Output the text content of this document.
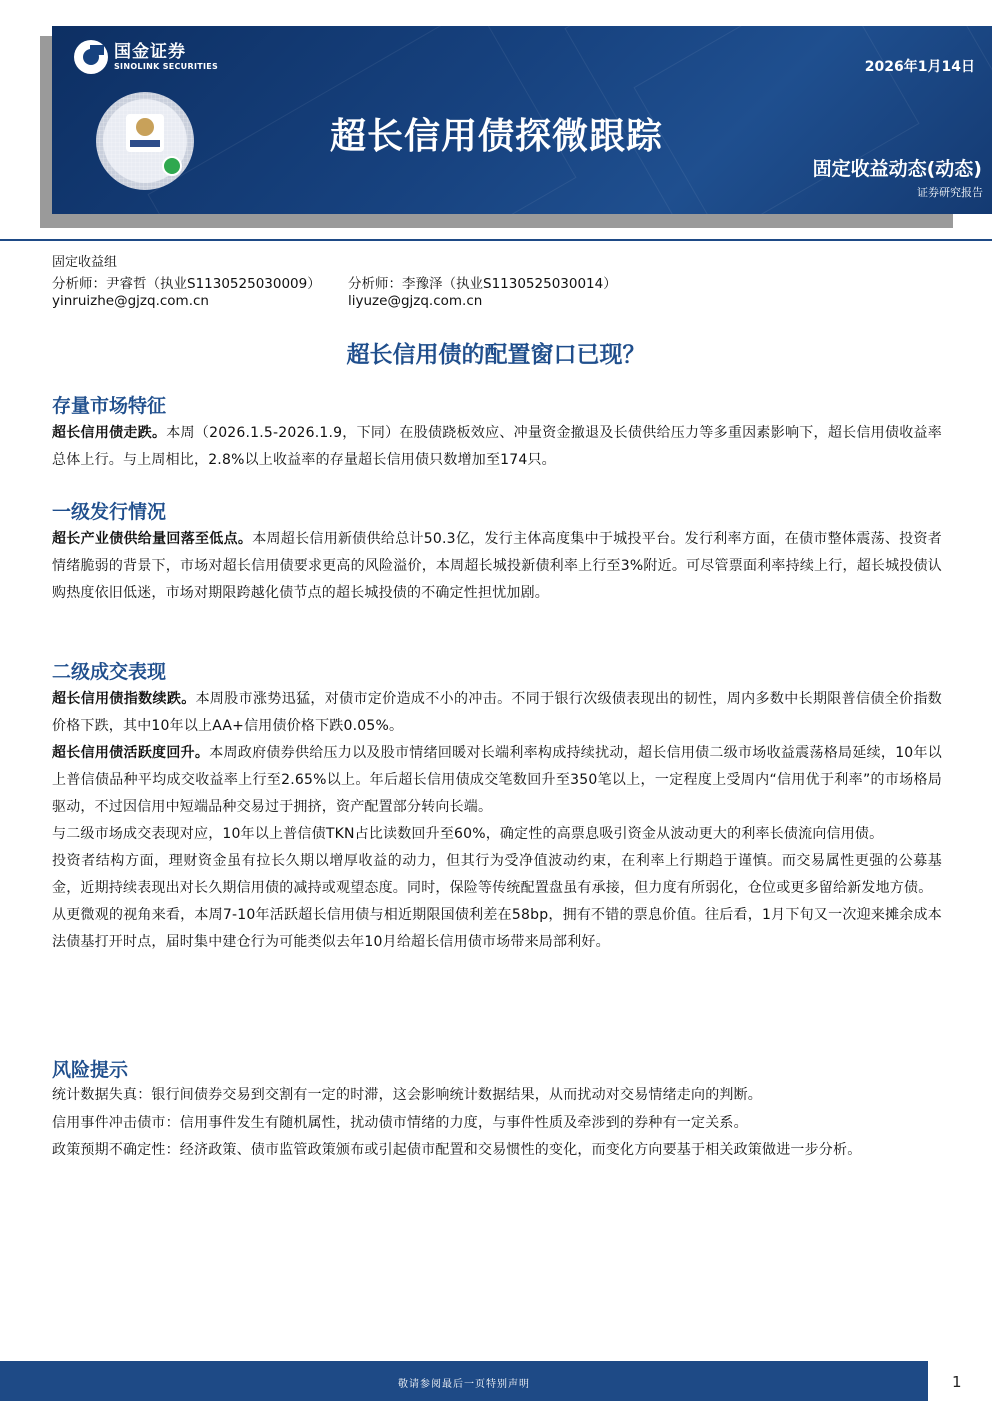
国金证券
SINOLINK SECURITIES
超长信用债探微跟踪
2026年1月14日
固定收益动态(动态)
证券研究报告
固定收益组
分析师：尹睿哲（执业S1130525030009） 分析师：李豫泽（执业S1130525030014）
yinruizhe@gjzq.com.cn	liyuze@gjzq.com.cn
超长信用债的配置窗口已现？
存量市场特征
超长信用债走跌。本周（2026.1.5-2026.1.9，下同）在股债跷板效应、冲量资金撤退及长债供给压力等多重因素影响下，超长信用债收益率总体上行。与上周相比，2.8%以上收益率的存量超长信用债只数增加至174只。
一级发行情况
超长产业债供给量回落至低点。本周超长信用新债供给总计50.3亿，发行主体高度集中于城投平台。发行利率方面，在债市整体震荡、投资者情绪脆弱的背景下，市场对超长信用债要求更高的风险溢价，本周超长城投新债利率上行至3%附近。可尽管票面利率持续上行，超长城投债认购热度依旧低迷，市场对期限跨越化债节点的超长城投债的不确定性担忧加剧。
二级成交表现
超长信用债指数续跌。本周股市涨势迅猛，对债市定价造成不小的冲击。不同于银行次级债表现出的韧性，周内多数中长期限普信债全价指数价格下跌，其中10年以上AA+信用债价格下跌0.05%。
超长信用债活跃度回升。本周政府债券供给压力以及股市情绪回暖对长端利率构成持续扰动，超长信用债二级市场收益震荡格局延续，10年以上普信债品种平均成交收益率上行至2.65%以上。年后超长信用债成交笔数回升至350笔以上，一定程度上受周内“信用优于利率”的市场格局驱动，不过因信用中短端品种交易过于拥挤，资产配置部分转向长端。
与二级市场成交表现对应，10年以上普信债TKN占比读数回升至60%，确定性的高票息吸引资金从波动更大的利率长债流向信用债。
投资者结构方面，理财资金虽有拉长久期以增厚收益的动力，但其行为受净值波动约束，在利率上行期趋于谨慎。而交易属性更强的公募基金，近期持续表现出对长久期信用债的减持或观望态度。同时，保险等传统配置盘虽有承接，但力度有所弱化，仓位或更多留给新发地方债。
从更微观的视角来看，本周7-10年活跃超长信用债与相近期限国债利差在58bp，拥有不错的票息价值。往后看，1月下旬又一次迎来摊余成本法债基打开时点，届时集中建仓行为可能类似去年10月给超长信用债市场带来局部利好。
风险提示
统计数据失真：银行间债券交易到交割有一定的时滞，这会影响统计数据结果，从而扰动对交易情绪走向的判断。
信用事件冲击债市：信用事件发生有随机属性，扰动债市情绪的力度，与事件性质及牵涉到的券种有一定关系。
政策预期不确定性：经济政策、债市监管政策颁布或引起债市配置和交易惯性的变化，而变化方向要基于相关政策做进一步分析。
敬请参阅最后一页特别声明	1
